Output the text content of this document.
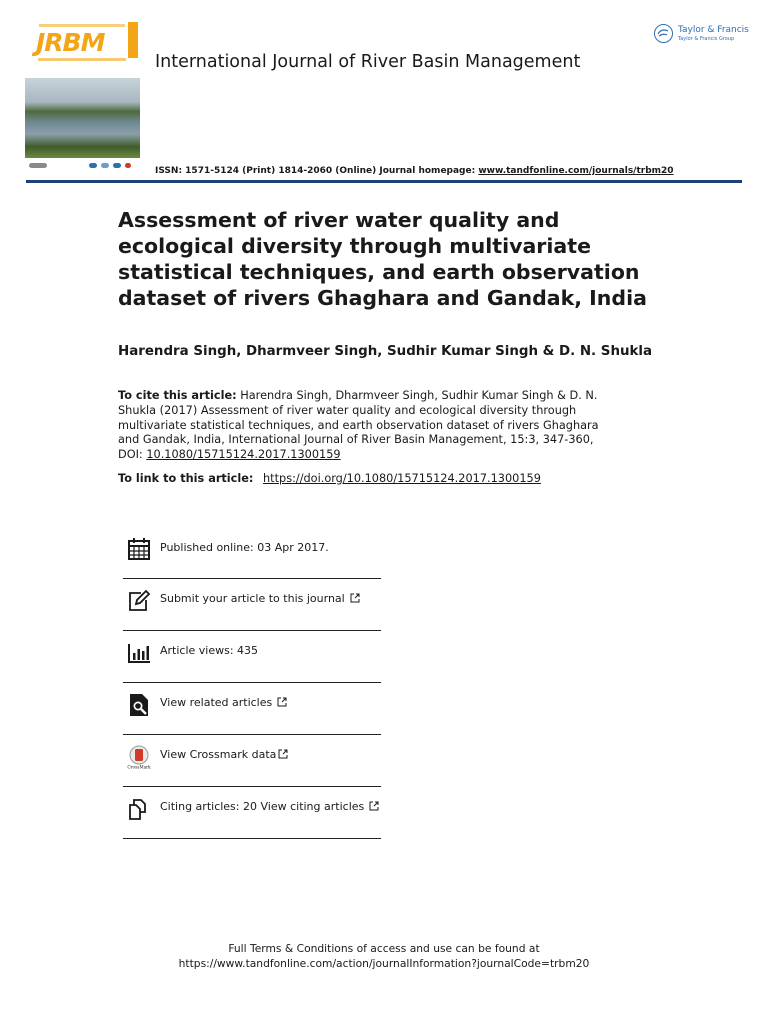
JRBM
International Journal of River Basin Management
Taylor & Francis
Taylor & Francis Group
ISSN: 1571-5124 (Print) 1814-2060 (Online) Journal homepage: www.tandfonline.com/journals/trbm20
Assessment of river water quality and ecological diversity through multivariate statistical techniques, and earth observation dataset of rivers Ghaghara and Gandak, India
Harendra Singh, Dharmveer Singh, Sudhir Kumar Singh & D. N. Shukla
To cite this article: Harendra Singh, Dharmveer Singh, Sudhir Kumar Singh & D. N. Shukla (2017) Assessment of river water quality and ecological diversity through multivariate statistical techniques, and earth observation dataset of rivers Ghaghara and Gandak, India, International Journal of River Basin Management, 15:3, 347-360, DOI: 10.1080/15715124.2017.1300159
To link to this article: https://doi.org/10.1080/15715124.2017.1300159
Published online: 03 Apr 2017.
Submit your article to this journal
Article views: 435
View related articles
CrossMark
View Crossmark data
Citing articles: 20 View citing articles
Full Terms & Conditions of access and use can be found at
https://www.tandfonline.com/action/journalInformation?journalCode=trbm20
